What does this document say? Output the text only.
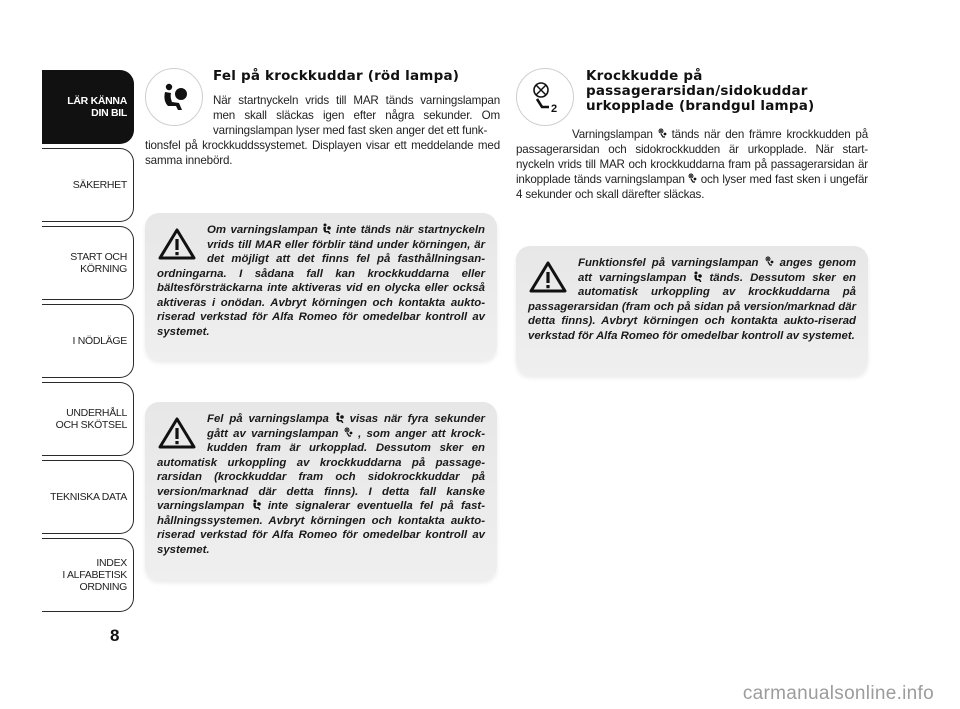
LÄR KÄNNA
DIN BIL
SÄKERHET
START OCH
KÖRNING
I NÖDLÄGE
UNDERHÅLL
OCH SKÖTSEL
TEKNISKA DATA
INDEX
I ALFABETISK
ORDNING
8
Fel på krockkuddar (röd lampa)
När startnyckeln vrids till MAR tänds varningslampan men skall släckas igen efter några sekunder. Om varningslampan lyser med fast sken anger det ett funk-
tionsfel på krockkuddssystemet. Displayen visar ett meddelande med samma innebörd.
Om varningslampan inte tänds när startnyckeln vrids till MAR eller förblir tänd under körningen, är det möjligt att det finns fel på fasthållningsan-ordningarna. I sådana fall kan krockkuddarna eller bältesförsträckarna inte aktiveras vid en olycka eller också aktiveras i onödan. Avbryt körningen och kontakta aukto-riserad verkstad för Alfa Romeo för omedelbar kontroll av systemet.
Fel på varningslampa visas när fyra sekunder gått av varningslampan , som anger att krock-kudden fram är urkopplad. Dessutom sker en automatisk urkoppling av krockkuddarna på passage-rarsidan (krockkuddar fram och sidokrockkuddar på version/marknad där detta finns). I detta fall kanske varningslampan inte signalerar eventuella fel på fast-hållningssystemen. Avbryt körningen och kontakta aukto-riserad verkstad för Alfa Romeo för omedelbar kontroll av systemet.
2
Krockkudde på passagerarsidan/sidokuddar urkopplade (brandgul lampa)
Varningslampan tänds när den främre krockkudden på passagerarsidan och sidokrockkudden är urkopplade. När start-nyckeln vrids till MAR och krockkuddarna fram på passagerarsidan är inkopplade tänds varningslampan och lyser med fast sken i ungefär 4 sekunder och skall därefter släckas.
Funktionsfel på varningslampan anges genom att varningslampan tänds. Dessutom sker en automatisk urkoppling av krockkuddarna på passagerarsidan (fram och på sidan på version/marknad där detta finns). Avbryt körningen och kontakta aukto-riserad verkstad för Alfa Romeo för omedelbar kontroll av systemet.
carmanualsonline.info
